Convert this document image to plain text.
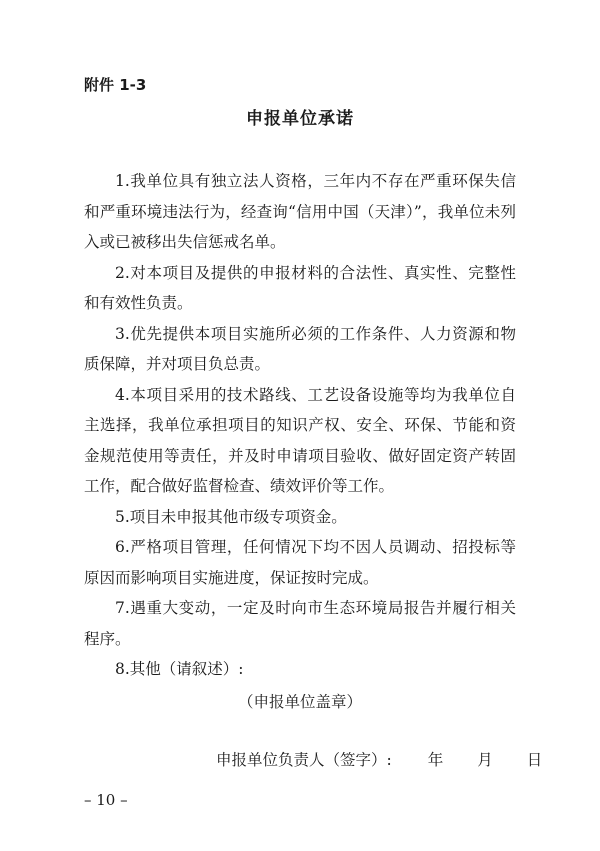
附件 1-3
申报单位承诺

1.我单位具有独立法人资格，三年内不存在严重环保失信和严重环境违法行为，经查询“信用中国（天津）”，我单位未列入或已被移出失信惩戒名单。

2.对本项目及提供的申报材料的合法性、真实性、完整性和有效性负责。

3.优先提供本项目实施所必须的工作条件、人力资源和物质保障，并对项目负总责。

4.本项目采用的技术路线、工艺设备设施等均为我单位自主选择，我单位承担项目的知识产权、安全、环保、节能和资金规范使用等责任，并及时申请项目验收、做好固定资产转固工作，配合做好监督检查、绩效评价等工作。

5.项目未申报其他市级专项资金。

6.严格项目管理，任何情况下均不因人员调动、招投标等原因而影响项目实施进度，保证按时完成。

7.遇重大变动，一定及时向市生态环境局报告并履行相关程序。

8.其他（请叙述）:

（申报单位盖章）
申报单位负责人（签字）: 年 月 日
– 10 –
